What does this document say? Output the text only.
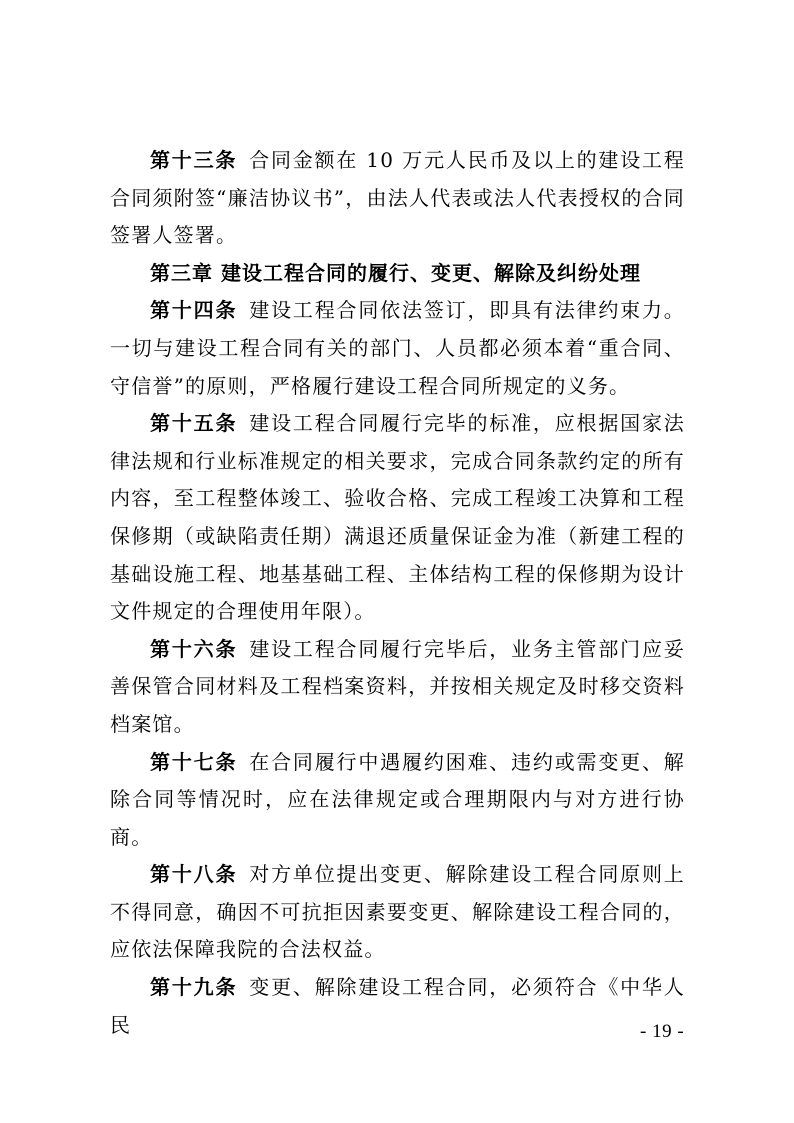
第十三条 合同金额在 10 万元人民币及以上的建设工程合同须附签“廉洁协议书”，由法人代表或法人代表授权的合同签署人签署。

第三章 建设工程合同的履行、变更、解除及纠纷处理

第十四条 建设工程合同依法签订，即具有法律约束力。一切与建设工程合同有关的部门、人员都必须本着“重合同、守信誉”的原则，严格履行建设工程合同所规定的义务。

第十五条 建设工程合同履行完毕的标准，应根据国家法律法规和行业标准规定的相关要求，完成合同条款约定的所有内容，至工程整体竣工、验收合格、完成工程竣工决算和工程保修期（或缺陷责任期）满退还质量保证金为准（新建工程的基础设施工程、地基基础工程、主体结构工程的保修期为设计文件规定的合理使用年限）。

第十六条 建设工程合同履行完毕后，业务主管部门应妥善保管合同材料及工程档案资料，并按相关规定及时移交资料档案馆。

第十七条 在合同履行中遇履约困难、违约或需变更、解除合同等情况时，应在法律规定或合理期限内与对方进行协商。

第十八条 对方单位提出变更、解除建设工程合同原则上不得同意，确因不可抗拒因素要变更、解除建设工程合同的，应依法保障我院的合法权益。

第十九条 变更、解除建设工程合同，必须符合《中华人民	- 19 -
